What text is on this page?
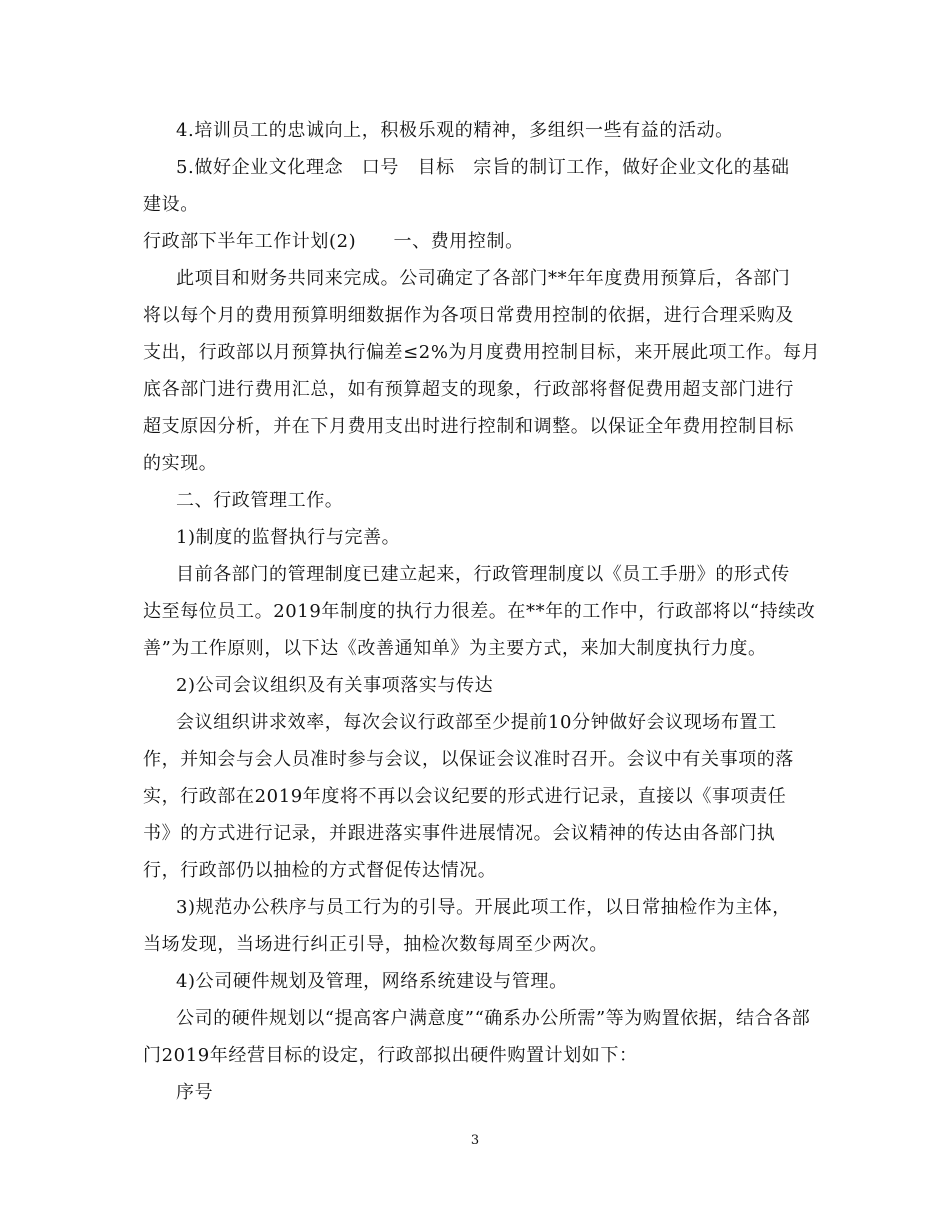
4.培训员工的忠诚向上，积极乐观的精神，多组织一些有益的活动。
5.做好企业文化理念　口号　目标　宗旨的制订工作，做好企业文化的基础
建设。
行政部下半年工作计划(2)　　一、费用控制。
此项目和财务共同来完成。公司确定了各部门**年年度费用预算后，各部门
将以每个月的费用预算明细数据作为各项日常费用控制的依据，进行合理采购及
支出，行政部以月预算执行偏差≤2%为月度费用控制目标，来开展此项工作。每月
底各部门进行费用汇总，如有预算超支的现象，行政部将督促费用超支部门进行
超支原因分析，并在下月费用支出时进行控制和调整。以保证全年费用控制目标
的实现。
二、行政管理工作。
1)制度的监督执行与完善。
目前各部门的管理制度已建立起来，行政管理制度以《员工手册》的形式传
达至每位员工。2019年制度的执行力很差。在**年的工作中，行政部将以“持续改
善”为工作原则，以下达《改善通知单》为主要方式，来加大制度执行力度。
2)公司会议组织及有关事项落实与传达
会议组织讲求效率，每次会议行政部至少提前10分钟做好会议现场布置工
作，并知会与会人员准时参与会议，以保证会议准时召开。会议中有关事项的落
实，行政部在2019年度将不再以会议纪要的形式进行记录，直接以《事项责任
书》的方式进行记录，并跟进落实事件进展情况。会议精神的传达由各部门执
行，行政部仍以抽检的方式督促传达情况。
3)规范办公秩序与员工行为的引导。开展此项工作，以日常抽检作为主体，
当场发现，当场进行纠正引导，抽检次数每周至少两次。
4)公司硬件规划及管理，网络系统建设与管理。
公司的硬件规划以“提高客户满意度”“确系办公所需”等为购置依据，结合各部
门2019年经营目标的设定，行政部拟出硬件购置计划如下：
序号
3
